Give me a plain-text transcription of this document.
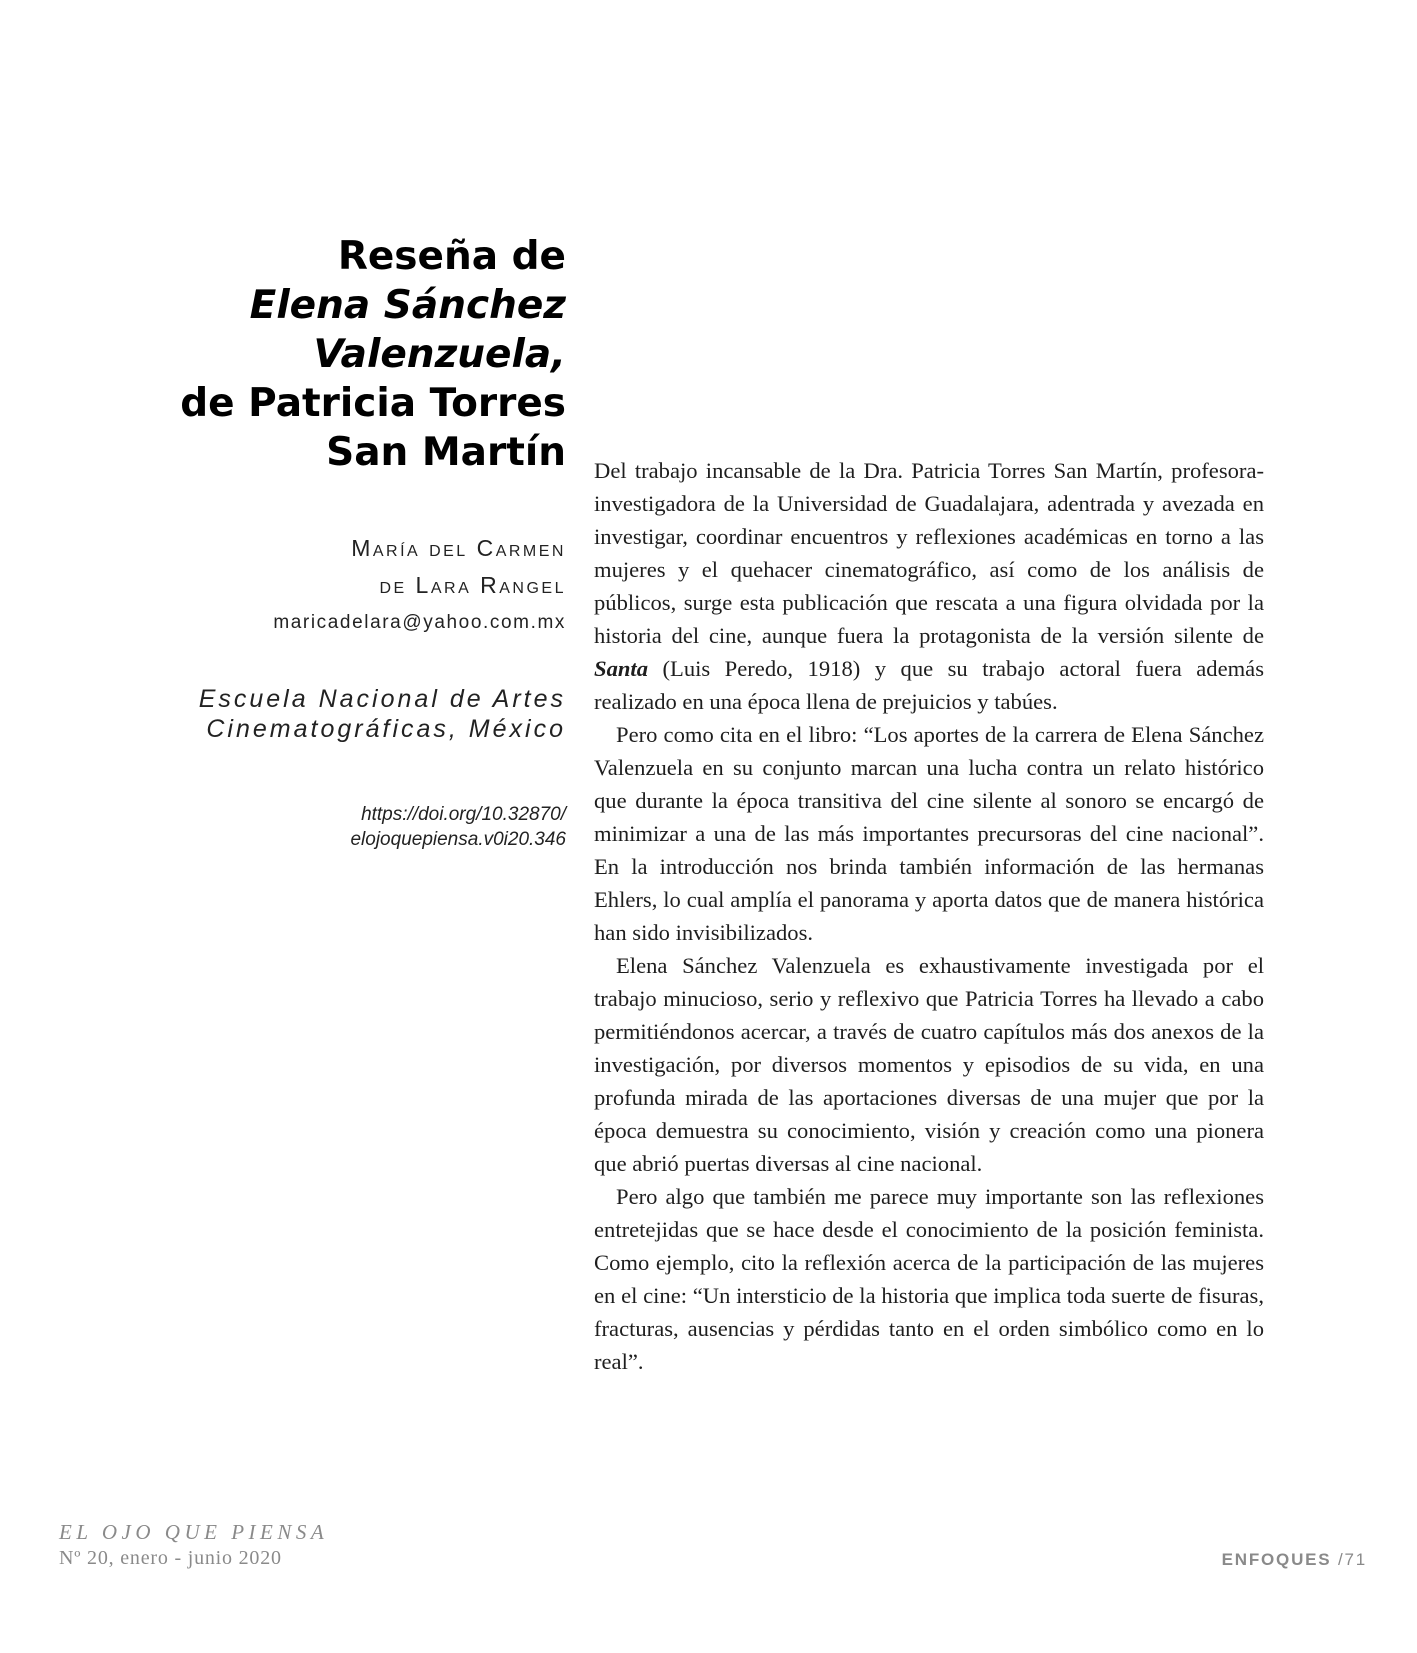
Reseña de
Elena Sánchez
Valenzuela,
de Patricia Torres
San Martín
María del Carmen
de Lara Rangel
maricadelara@yahoo.com.mx
Escuela Nacional de Artes
Cinematográficas, México
https://doi.org/10.32870/
elojoquepiensa.v0i20.346

Del trabajo incansable de la Dra. Patricia Torres San Martín, profesora-investigadora de la Universidad de Guadalajara, adentrada y avezada en investigar, coordinar encuentros y reflexiones académicas en torno a las mujeres y el quehacer cinematográfico, así como de los análisis de públicos, surge esta publicación que rescata a una figura olvidada por la historia del cine, aunque fuera la protagonista de la versión silente de Santa (Luis Peredo, 1918) y que su trabajo actoral fuera además realizado en una época llena de prejuicios y tabúes.

Pero como cita en el libro: “Los aportes de la carrera de Elena Sánchez Valenzuela en su conjunto marcan una lucha contra un relato histórico que durante la época transitiva del cine silente al sonoro se encargó de minimizar a una de las más importantes precursoras del cine nacional”. En la introducción nos brinda también información de las hermanas Ehlers, lo cual amplía el panorama y aporta datos que de manera histórica han sido invisibilizados.

Elena Sánchez Valenzuela es exhaustivamente investigada por el trabajo minucioso, serio y reflexivo que Patricia Torres ha llevado a cabo permitiéndonos acercar, a través de cuatro capítulos más dos anexos de la investigación, por diversos momentos y episodios de su vida, en una profunda mirada de las aportaciones diversas de una mujer que por la época demuestra su conocimiento, visión y creación como una pionera que abrió puertas diversas al cine nacional.

Pero algo que también me parece muy importante son las reflexiones entretejidas que se hace desde el conocimiento de la posición feminista. Como ejemplo, cito la reflexión acerca de la participación de las mujeres en el cine: “Un intersticio de la historia que implica toda suerte de fisuras, fracturas, ausencias y pérdidas tanto en el orden simbólico como en lo real”.

EL OJO QUE PIENSA
Nº 20, enero - junio 2020	ENFOQUES /71
